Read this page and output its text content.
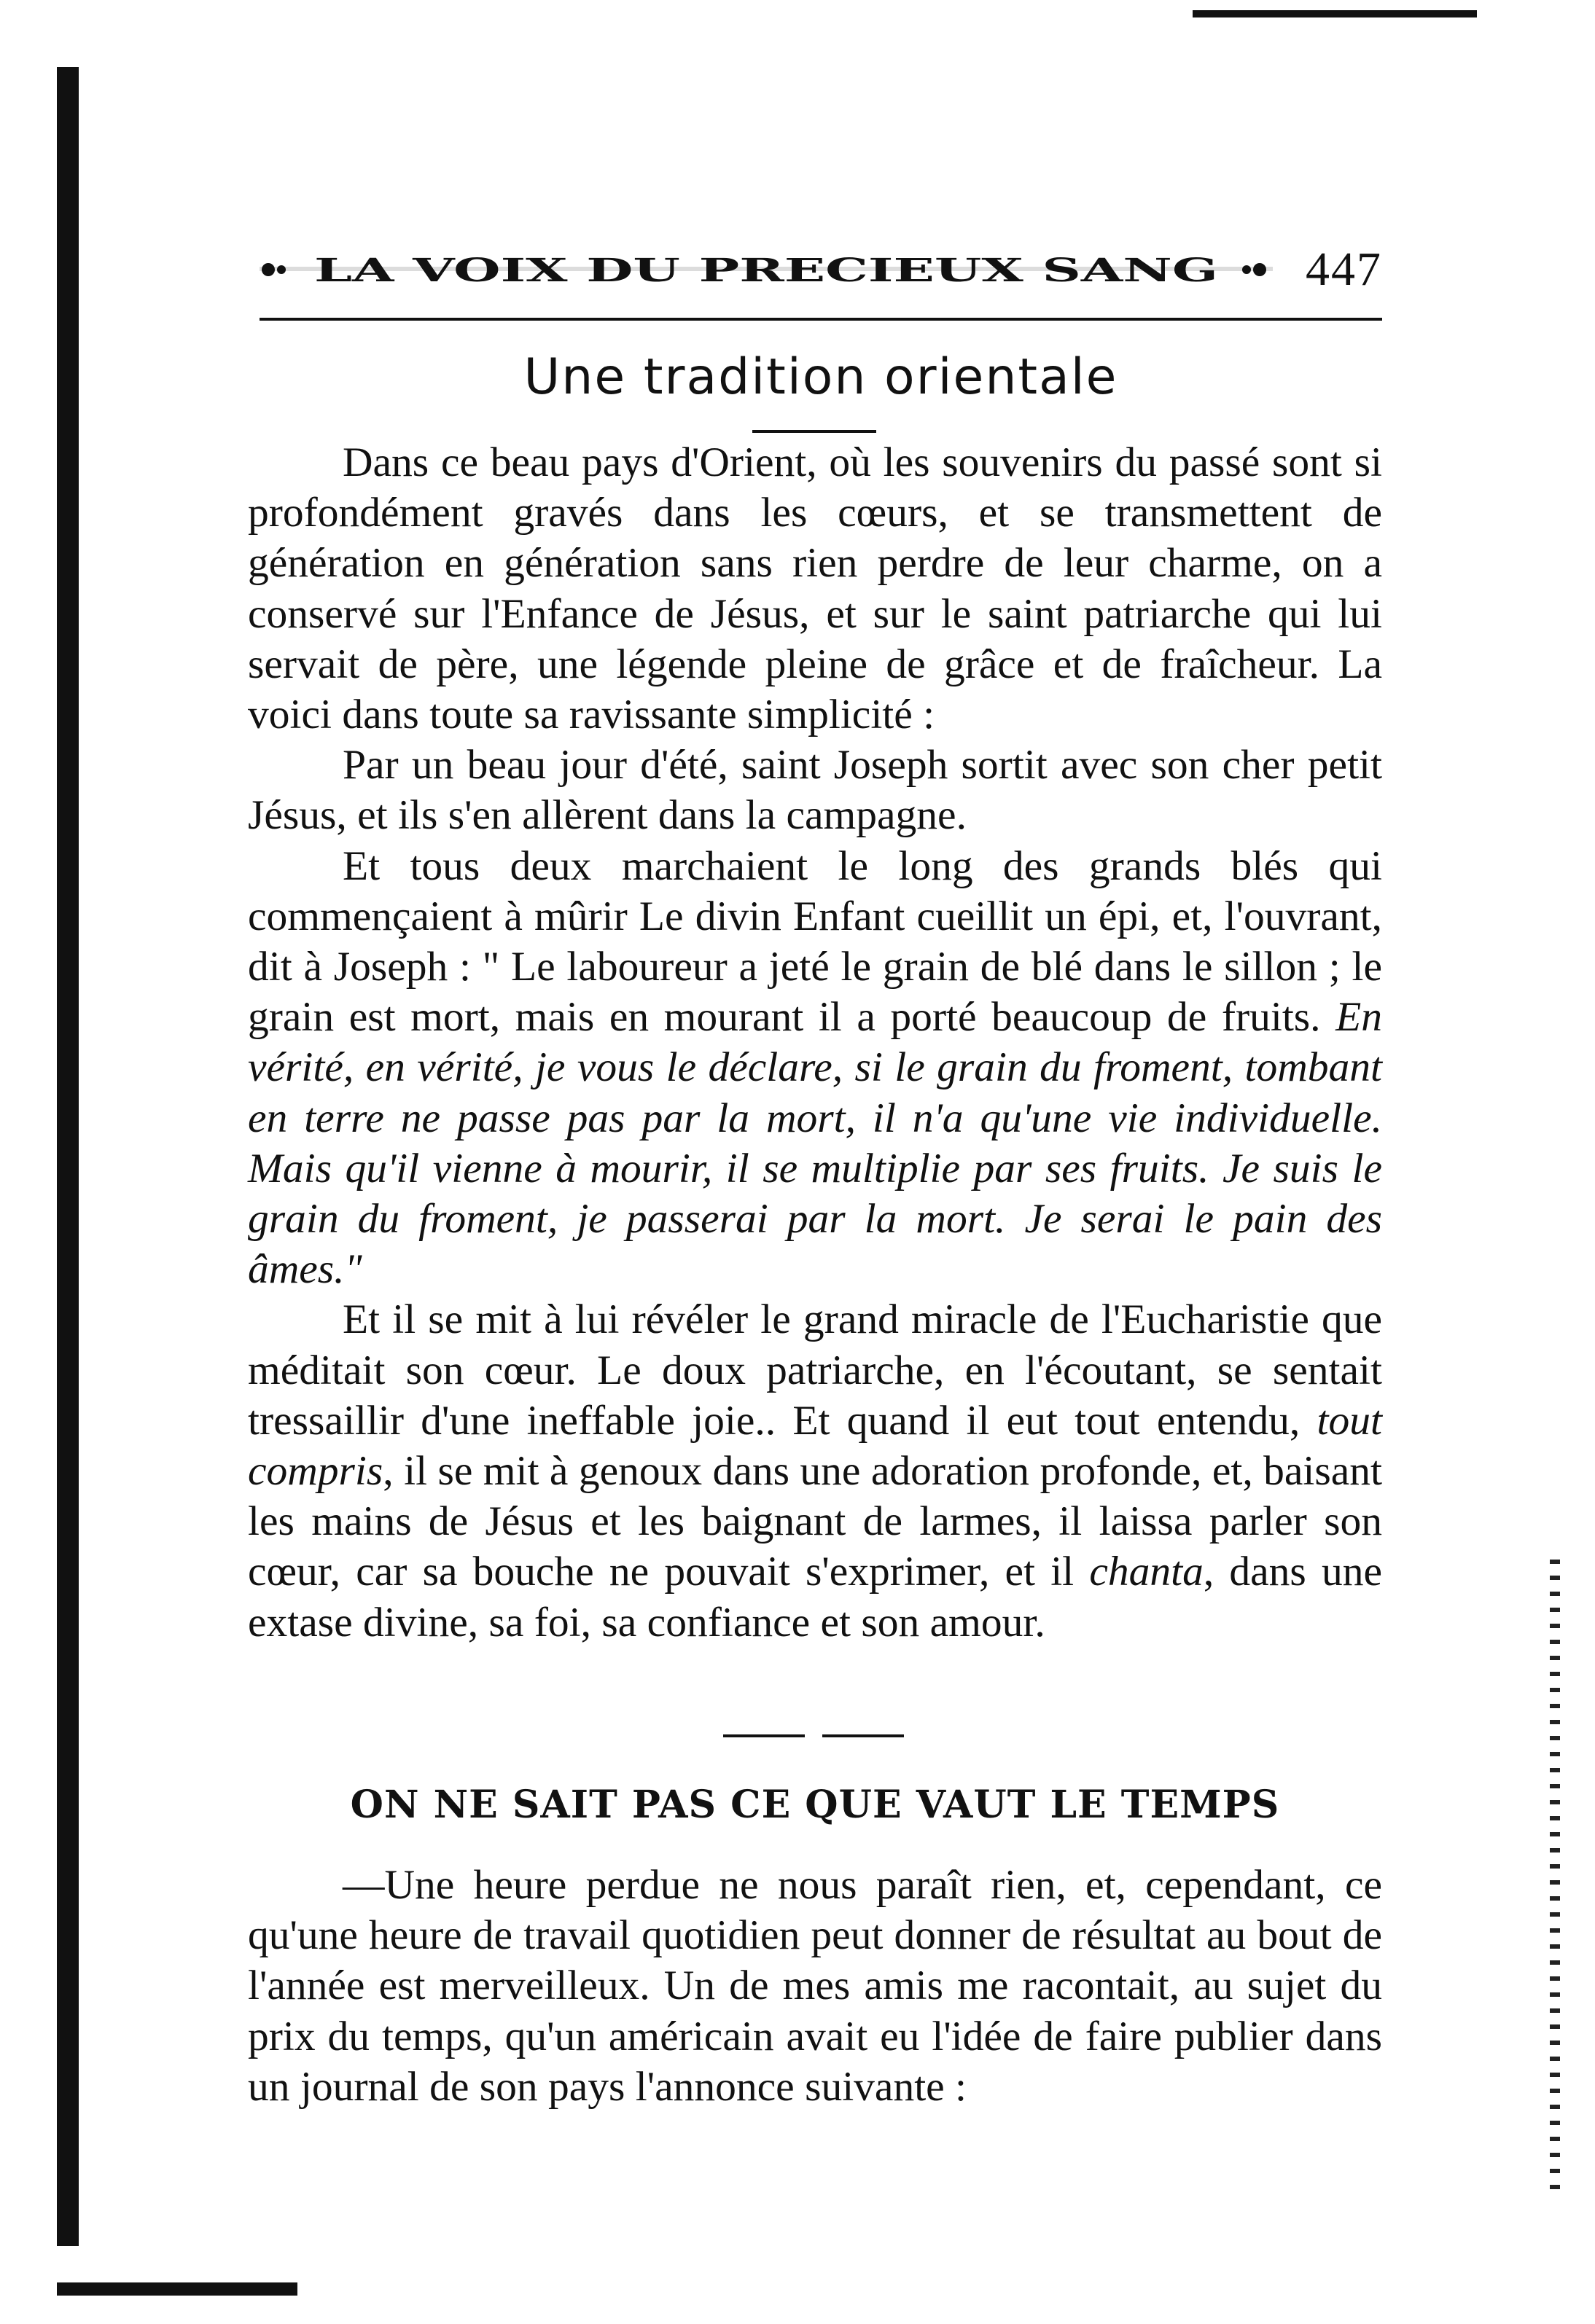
LA VOIX DU PRECIEUX SANG 447
Une tradition orientale

Dans ce beau pays d'Orient, où les souvenirs du passé sont si profondément gravés dans les cœurs, et se transmettent de génération en génération sans rien perdre de leur charme, on a conservé sur l'Enfance de Jésus, et sur le saint patriarche qui lui servait de père, une légende pleine de grâce et de fraîcheur. La voici dans toute sa ravissante simplicité :

Par un beau jour d'été, saint Joseph sortit avec son cher petit Jésus, et ils s'en allèrent dans la campagne.

Et tous deux marchaient le long des grands blés qui commençaient à mûrir Le divin Enfant cueillit un épi, et, l'ouvrant, dit à Joseph : " Le laboureur a jeté le grain de blé dans le sillon ; le grain est mort, mais en mourant il a porté beaucoup de fruits. En vérité, en vérité, je vous le déclare, si le grain du froment, tombant en terre ne passe pas par la mort, il n'a qu'une vie individuelle. Mais qu'il vienne à mourir, il se multiplie par ses fruits. Je suis le grain du froment, je passerai par la mort. Je serai le pain des âmes."

Et il se mit à lui révéler le grand miracle de l'Eucharistie que méditait son cœur. Le doux patriarche, en l'écoutant, se sentait tressaillir d'une ineffable joie.. Et quand il eut tout entendu, tout compris, il se mit à genoux dans une adoration profonde, et, baisant les mains de Jésus et les baignant de larmes, il laissa parler son cœur, car sa bouche ne pouvait s'exprimer, et il chanta, dans une extase divine, sa foi, sa confiance et son amour.

ON NE SAIT PAS CE QUE VAUT LE TEMPS

—Une heure perdue ne nous paraît rien, et, cependant, ce qu'une heure de travail quotidien peut donner de résultat au bout de l'année est merveilleux. Un de mes amis me racontait, au sujet du prix du temps, qu'un américain avait eu l'idée de faire publier dans un journal de son pays l'annonce suivante :
